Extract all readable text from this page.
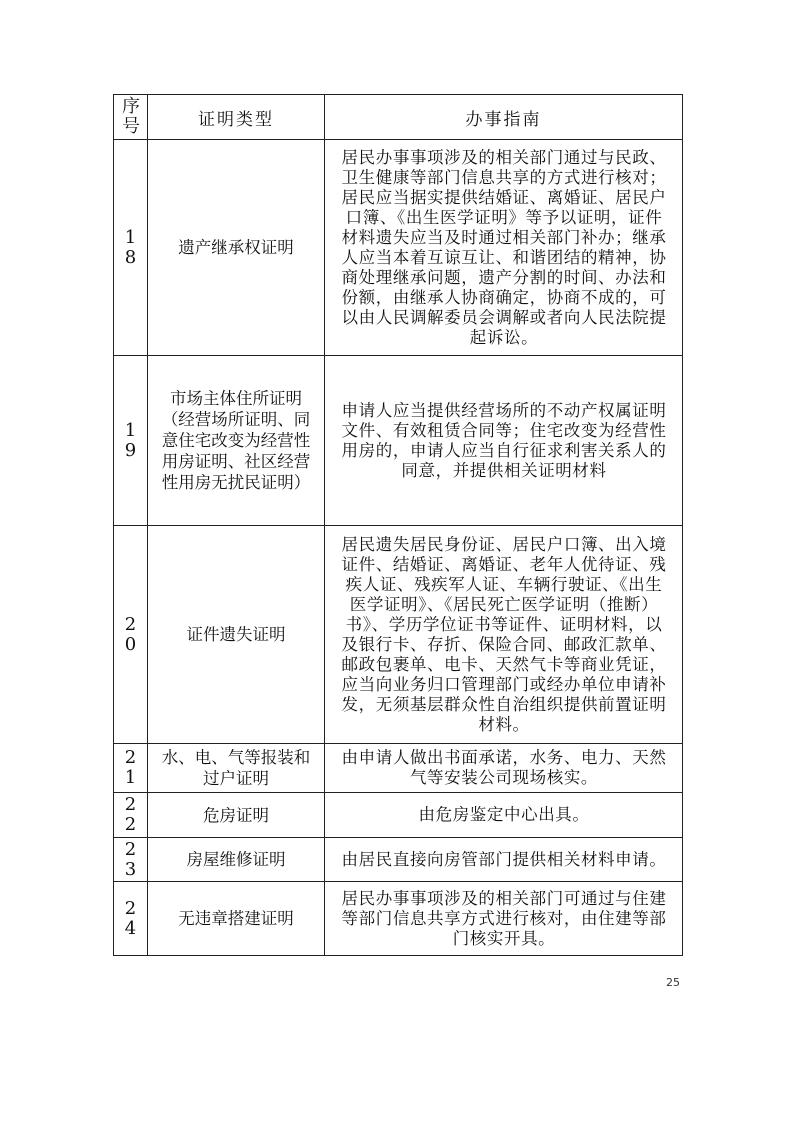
序号	证明类型	办事指南
18	遗产继承权证明	居民办事事项涉及的相关部门通过与民政、卫生健康等部门信息共享的方式进行核对；居民应当据实提供结婚证、离婚证、居民户口簿、《出生医学证明》等予以证明，证件材料遗失应当及时通过相关部门补办；继承人应当本着互谅互让、和谐团结的精神，协商处理继承问题，遗产分割的时间、办法和份额，由继承人协商确定，协商不成的，可以由人民调解委员会调解或者向人民法院提起诉讼。
19	市场主体住所证明（经营场所证明、同意住宅改变为经营性用房证明、社区经营性用房无扰民证明）	申请人应当提供经营场所的不动产权属证明文件、有效租赁合同等；住宅改变为经营性用房的，申请人应当自行征求利害关系人的同意，并提供相关证明材料
20	证件遗失证明	居民遗失居民身份证、居民户口簿、出入境证件、结婚证、离婚证、老年人优待证、残疾人证、残疾军人证、车辆行驶证、《出生医学证明》、《居民死亡医学证明（推断）书》、学历学位证书等证件、证明材料，以及银行卡、存折、保险合同、邮政汇款单、邮政包裹单、电卡、天然气卡等商业凭证，应当向业务归口管理部门或经办单位申请补发，无须基层群众性自治组织提供前置证明材料。
21	水、电、气等报装和过户证明	由申请人做出书面承诺，水务、电力、天然气等安装公司现场核实。
22	危房证明	由危房鉴定中心出具。
23	房屋维修证明	由居民直接向房管部门提供相关材料申请。
24	无违章搭建证明	居民办事事项涉及的相关部门可通过与住建等部门信息共享方式进行核对，由住建等部门核实开具。
25
